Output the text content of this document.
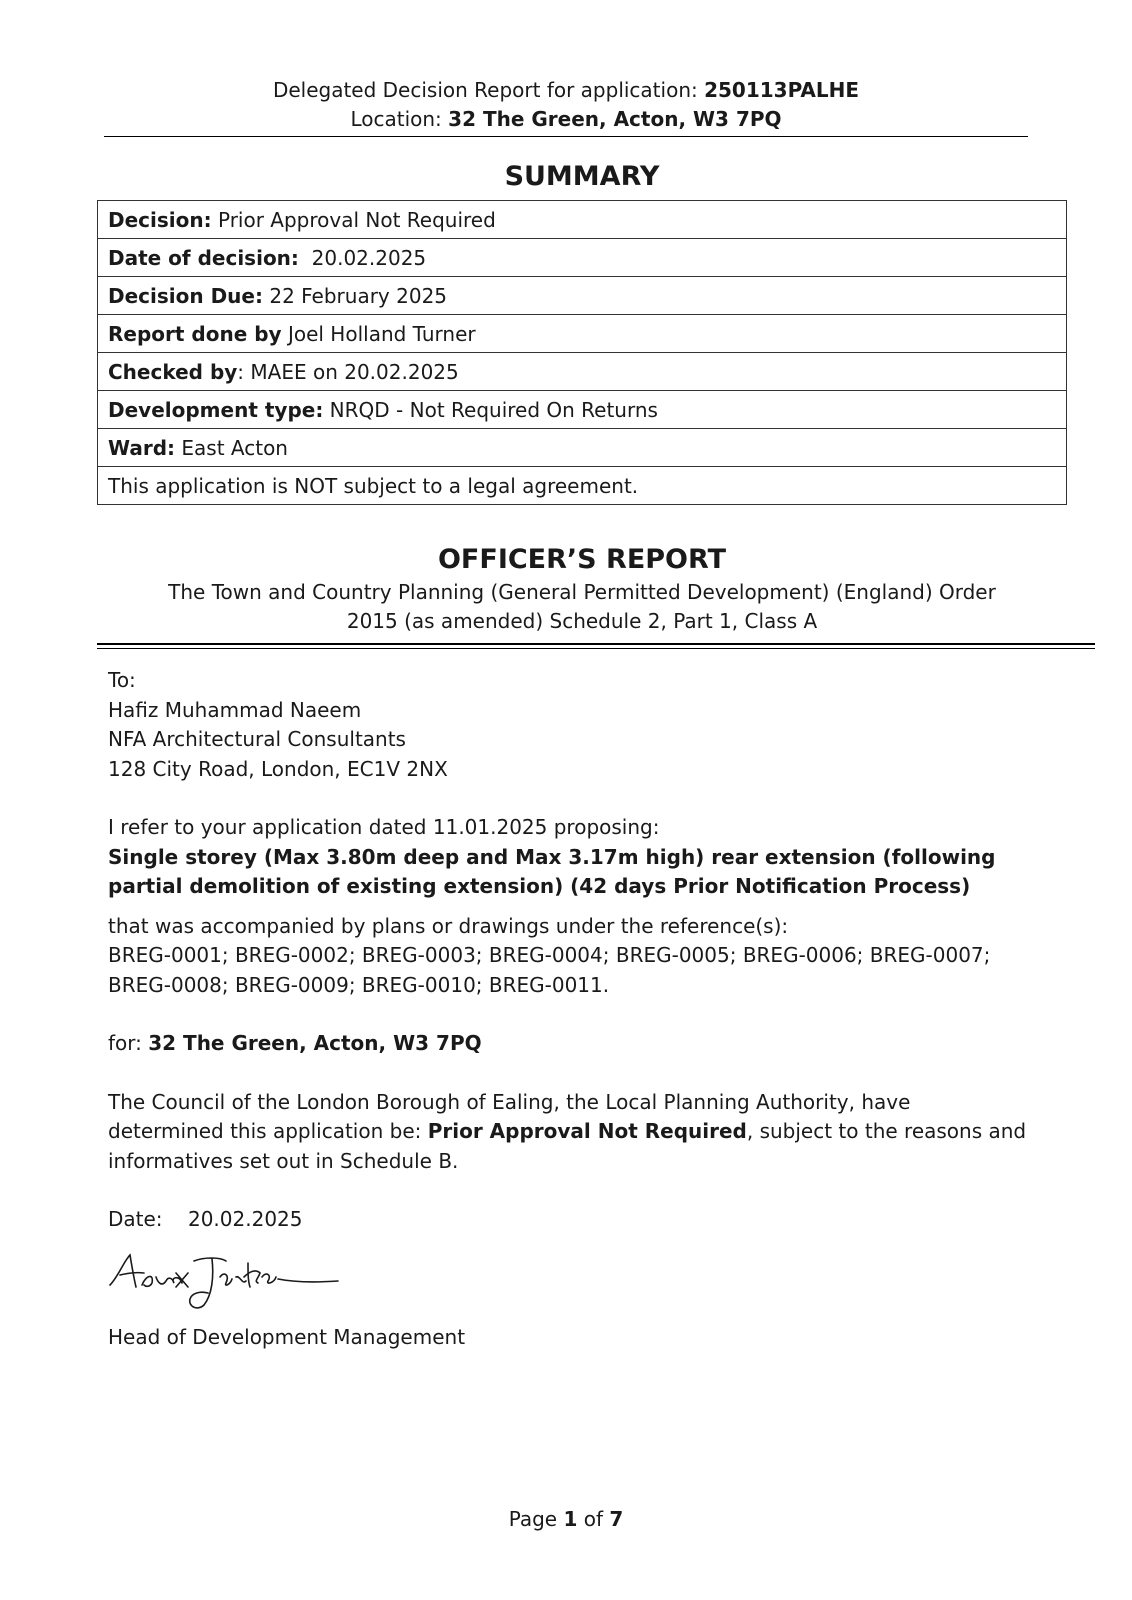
Delegated Decision Report for application: 250113PALHE
Location: 32 The Green, Acton, W3 7PQ
SUMMARY
Decision: Prior Approval Not Required
Date of decision:  20.02.2025
Decision Due: 22 February 2025
Report done by Joel Holland Turner
Checked by: MAEE on 20.02.2025
Development type: NRQD - Not Required On Returns
Ward: East Acton
This application is NOT subject to a legal agreement.
OFFICER’S REPORT
The Town and Country Planning (General Permitted Development) (England) Order
2015 (as amended) Schedule 2, Part 1, Class A

To:

Hafiz Muhammad Naeem

NFA Architectural Consultants

128 City Road, London, EC1V 2NX

I refer to your application dated 11.01.2025 proposing:

Single storey (Max 3.80m deep and Max 3.17m high) rear extension (following partial demolition of existing extension) (42 days Prior Notification Process)

that was accompanied by plans or drawings under the reference(s):

BREG-0001; BREG-0002; BREG-0003; BREG-0004; BREG-0005; BREG-0006; BREG-0007; BREG-0008; BREG-0009; BREG-0010; BREG-0011.

for: 32 The Green, Acton, W3 7PQ

The Council of the London Borough of Ealing, the Local Planning Authority, have determined this application be: Prior Approval Not Required, subject to the reasons and informatives set out in Schedule B.

Date: 20.02.2025

Head of Development Management

Page 1 of 7
